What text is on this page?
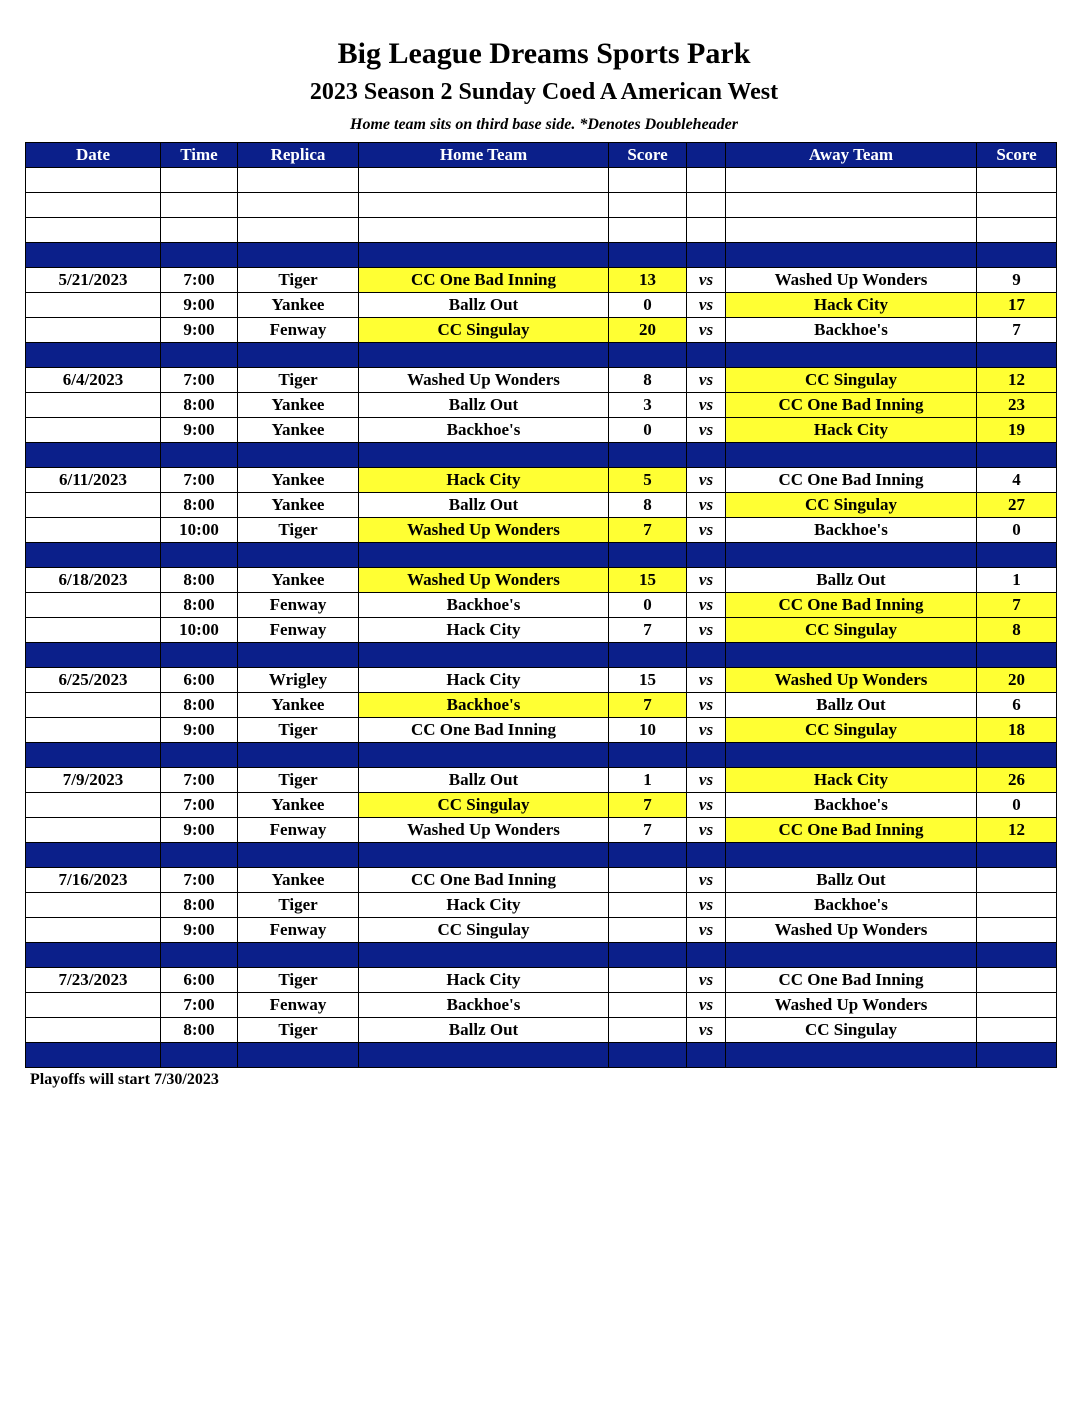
Big League Dreams Sports Park
2023 Season 2 Sunday Coed A American West
Home team sits on third base side. *Denotes Doubleheader
Date	Time	Replica	Home Team	Score		Away Team	Score

5/21/2023	7:00	Tiger	CC One Bad Inning	13	vs	Washed Up Wonders	9
	9:00	Yankee	Ballz Out	0	vs	Hack City	17
	9:00	Fenway	CC Singulay	20	vs	Backhoe's	7

6/4/2023	7:00	Tiger	Washed Up Wonders	8	vs	CC Singulay	12
	8:00	Yankee	Ballz Out	3	vs	CC One Bad Inning	23
	9:00	Yankee	Backhoe's	0	vs	Hack City	19

6/11/2023	7:00	Yankee	Hack City	5	vs	CC One Bad Inning	4
	8:00	Yankee	Ballz Out	8	vs	CC Singulay	27
	10:00	Tiger	Washed Up Wonders	7	vs	Backhoe's	0

6/18/2023	8:00	Yankee	Washed Up Wonders	15	vs	Ballz Out	1
	8:00	Fenway	Backhoe's	0	vs	CC One Bad Inning	7
	10:00	Fenway	Hack City	7	vs	CC Singulay	8

6/25/2023	6:00	Wrigley	Hack City	15	vs	Washed Up Wonders	20
	8:00	Yankee	Backhoe's	7	vs	Ballz Out	6
	9:00	Tiger	CC One Bad Inning	10	vs	CC Singulay	18

7/9/2023	7:00	Tiger	Ballz Out	1	vs	Hack City	26
	7:00	Yankee	CC Singulay	7	vs	Backhoe's	0
	9:00	Fenway	Washed Up Wonders	7	vs	CC One Bad Inning	12

7/16/2023	7:00	Yankee	CC One Bad Inning		vs	Ballz Out	
	8:00	Tiger	Hack City		vs	Backhoe's	
	9:00	Fenway	CC Singulay		vs	Washed Up Wonders	

7/23/2023	6:00	Tiger	Hack City		vs	CC One Bad Inning	
	7:00	Fenway	Backhoe's		vs	Washed Up Wonders	
	8:00	Tiger	Ballz Out		vs	CC Singulay	

Playoffs will start 7/30/2023
